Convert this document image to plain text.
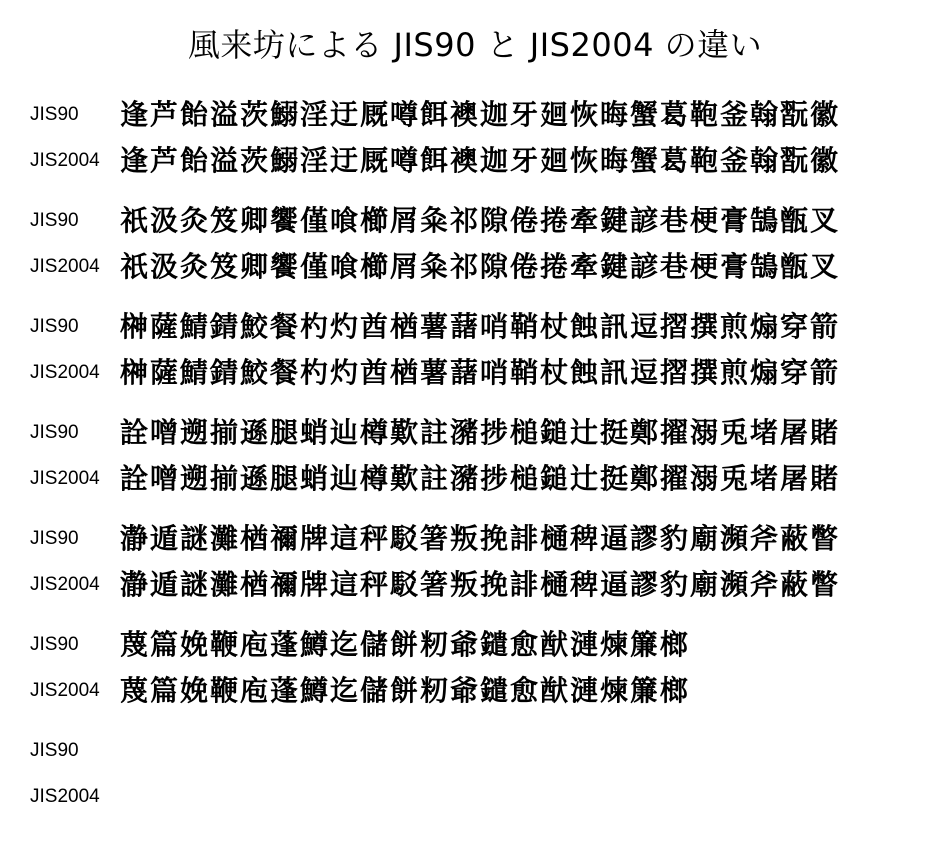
風来坊による JIS90 と JIS2004 の違い
JIS90	逢芦飴溢茨鰯淫迂厩噂餌襖迦牙廻恢晦蟹葛鞄釜翰翫徽
JIS2004 逢芦飴溢茨鰯淫迂厩噂餌襖迦牙廻恢晦蟹葛鞄釜翰翫徽
JIS90	祇汲灸笈卿饗僅喰櫛屑粂祁隙倦捲牽鍵諺巷梗膏鵠甑叉
JIS2004 祇汲灸笈卿饗僅喰櫛屑粂祁隙倦捲牽鍵諺巷梗膏鵠甑叉
JIS90	榊薩鯖錆鮫餐杓灼酋楢薯藷哨鞘杖蝕訊逗摺撰煎煽穿箭
JIS2004 榊薩鯖錆鮫餐杓灼酋楢薯藷哨鞘杖蝕訊逗摺撰煎煽穿箭
JIS90	詮噌遡揃遜腿蛸辿樽歎註瀦捗槌鎚辻挺鄭擢溺兎堵屠賭
JIS2004 詮噌遡揃遜腿蛸辿樽歎註瀦捗槌鎚辻挺鄭擢溺兎堵屠賭
JIS90	瀞遁謎灘楢禰牌這秤駁箸叛挽誹樋稗逼謬豹廟瀕斧蔽瞥
JIS2004 瀞遁謎灘楢禰牌這秤駁箸叛挽誹樋稗逼謬豹廟瀕斧蔽瞥
JIS90	蔑篇娩鞭庖蓬鱒迄儲餅籾爺鑓愈猷漣煉簾榔
JIS2004 蔑篇娩鞭庖蓬鱒迄儲餅籾爺鑓愈猷漣煉簾榔
JIS90
JIS2004
